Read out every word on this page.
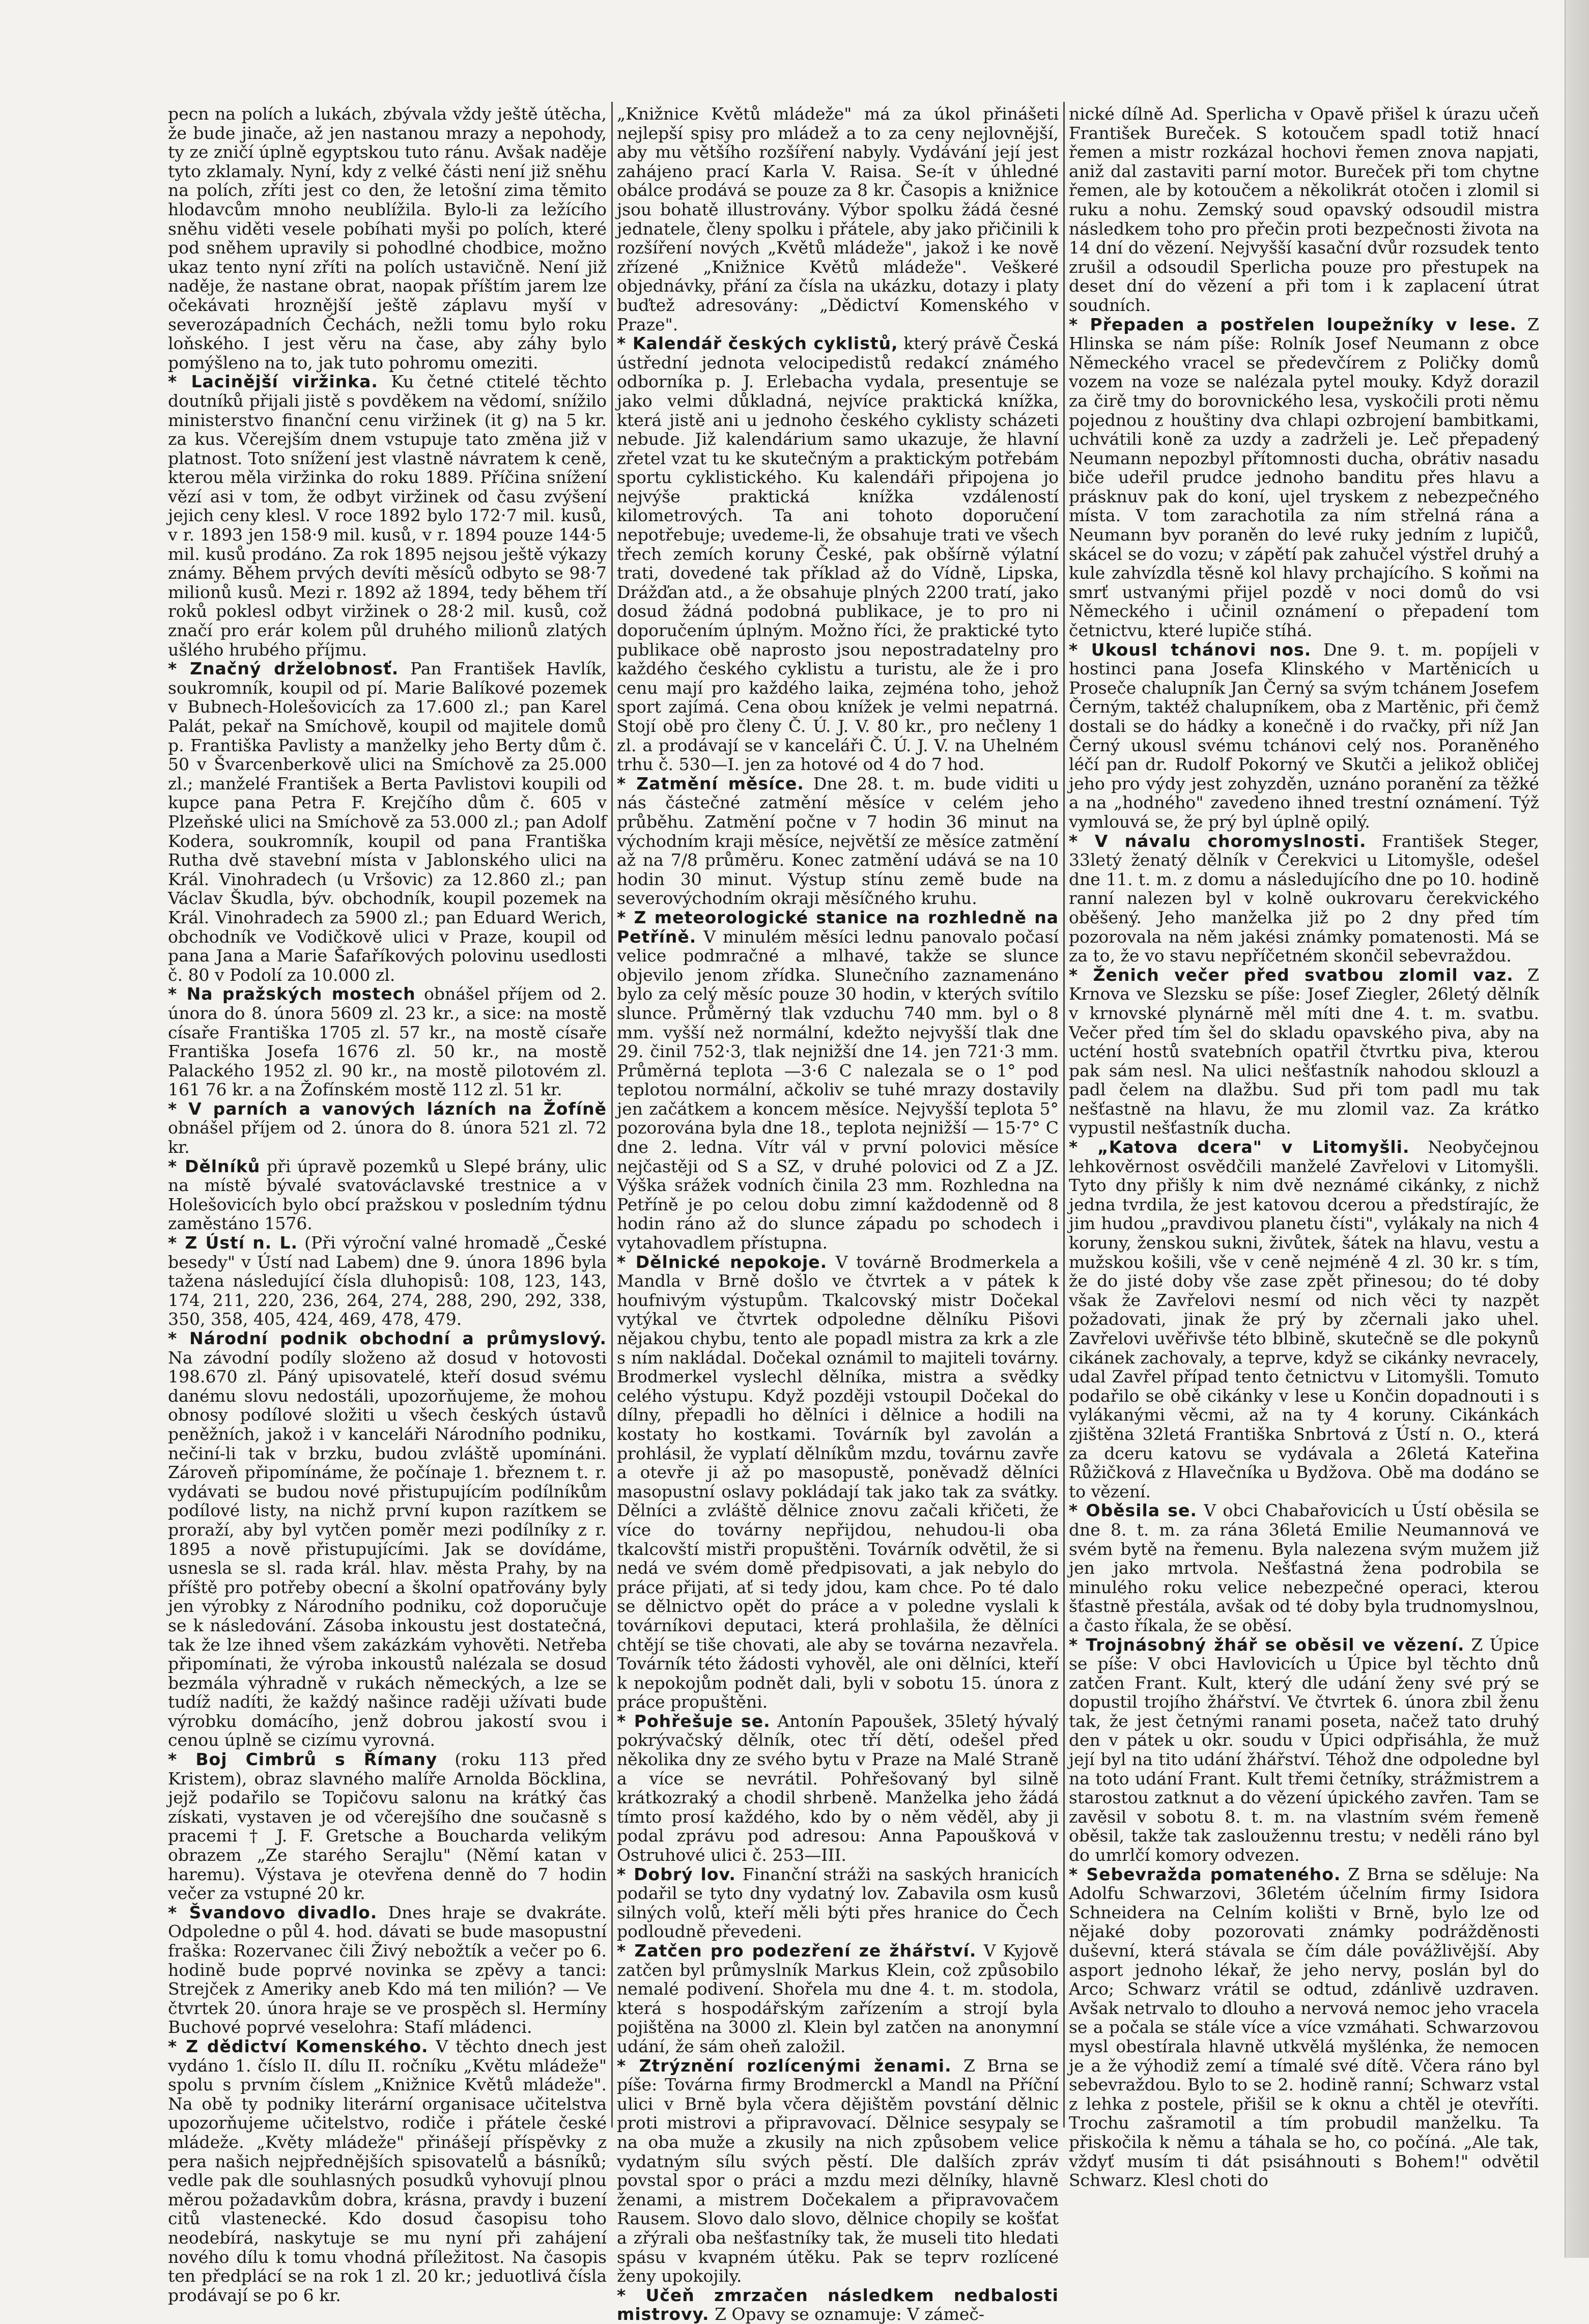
pecn na polích a lukách, zbývala vždy ještě útěcha, že bude jinače, až jen nastanou mrazy a nepohody, ty ze zničí úplně egyptskou tuto ránu. Avšak naděje tyto zklamaly. Nyní, kdy z velké části není již sněhu na polích, zříti jest co den, že letošní zima těmito hlodavcům mnoho neublížila. Bylo-li za ležícího sněhu viděti vesele pobíhati myši po polích, které pod sněhem upravily si pohodlné chodbice, možno ukaz tento nyní zříti na polích ustavičně. Není již naděje, že nastane obrat, naopak příštím jarem lze očekávati hroznější ještě záplavu myší v severozápadních Čechách, nežli tomu bylo roku loňského. I jest věru na čase, aby záhy bylo pomýšleno na to, jak tuto pohromu omeziti.

* Lacinější viržinka. Ku četné ctitelé těchto doutníků přijali jistě s povděkem na vědomí, snížilo ministerstvo finanční cenu viržinek (it g) na 5 kr. za kus. Včerejším dnem vstupuje tato změna již v platnost. Toto snížení jest vlastně návratem k ceně, kterou měla viržinka do roku 1889. Příčina snížení vězí asi v tom, že odbyt viržinek od času zvýšení jejich ceny klesl. V roce 1892 bylo 172·7 mil. kusů, v r. 1893 jen 158·9 mil. kusů, v r. 1894 pouze 144·5 mil. kusů prodáno. Za rok 1895 nejsou ještě výkazy známy. Během prvých devíti měsíců odbyto se 98·7 milionů kusů. Mezi r. 1892 až 1894, tedy během tří roků poklesl odbyt viržinek o 28·2 mil. kusů, což značí pro erár kolem půl druhého milionů zlatých ušlého hrubého příjmu.

* Značný drželobnosť. Pan František Havlík, soukromník, koupil od pí. Marie Balíkové pozemek v Bubnech-Holešovicích za 17.600 zl.; pan Karel Palát, pekař na Smíchově, koupil od majitele domů p. Františka Pavlisty a manželky jeho Berty dům č. 50 v Švarcenberkově ulici na Smíchově za 25.000 zl.; manželé František a Berta Pavlistovi koupili od kupce pana Petra F. Krejčího dům č. 605 v Plzeňské ulici na Smíchově za 53.000 zl.; pan Adolf Kodera, soukromník, koupil od pana Františka Rutha dvě stavební místa v Jablonského ulici na Král. Vinohradech (u Vršovic) za 12.860 zl.; pan Václav Škudla, býv. obchodník, koupil pozemek na Král. Vinohradech za 5900 zl.; pan Eduard Werich, obchodník ve Vodičkově ulici v Praze, koupil od pana Jana a Marie Šafaříkových polovinu usedlosti č. 80 v Podolí za 10.000 zl.

* Na pražských mostech obnášel příjem od 2. února do 8. února 5609 zl. 23 kr., a sice: na mostě císaře Františka 1705 zl. 57 kr., na mostě císaře Františka Josefa 1676 zl. 50 kr., na mostě Palackého 1952 zl. 90 kr., na mostě pilotovém zl. 161 76 kr. a na Žofínském mostě 112 zl. 51 kr.

* V parních a vanových lázních na Žofíně obnášel příjem od 2. února do 8. února 521 zl. 72 kr.

* Dělníků při úpravě pozemků u Slepé brány, ulic na místě bývalé svatováclavské trestnice a v Holešovicích bylo obcí pražskou v posledním týdnu zaměstáno 1576.

* Z Ústí n. L. (Při výroční valné hromadě „České besedy" v Ústí nad Labem) dne 9. února 1896 byla tažena následující čísla dluhopisů: 108, 123, 143, 174, 211, 220, 236, 264, 274, 288, 290, 292, 338, 350, 358, 405, 424, 469, 478, 479.

* Národní podnik obchodní a průmyslový. Na závodní podíly složeno až dosud v hotovosti 198.670 zl. Páný upisovatelé, kteří dosud svému danému slovu nedostáli, upozorňujeme, že mohou obnosy podílové složiti u všech českých ústavů peněžních, jakož i v kanceláři Národního podniku, nečiní-li tak v brzku, budou zvláště upomínáni. Zároveň připomínáme, že počínaje 1. březnem t. r. vydávati se budou nové přistupujícím podílníkům podílové listy, na nichž první kupon razítkem se proraží, aby byl vytčen poměr mezi podílníky z r. 1895 a nově přistupujícími. Jak se dovídáme, usnesla se sl. rada král. hlav. města Prahy, by na příště pro potřeby obecní a školní opatřovány byly jen výrobky z Národního podniku, což doporučuje se k následování. Zásoba inkoustu jest dostatečná, tak že lze ihned všem zakázkám vyhověti. Netřeba připomínati, že výroba inkoustů nalézala se dosud bezmála výhradně v rukách německých, a lze se tudíž nadíti, že každý našince raději užívati bude výrobku domácího, jenž dobrou jakostí svou i cenou úplně se cizímu vyrovná.

* Boj Cimbrů s Římany (roku 113 před Kristem), obraz slavného malíře Arnolda Böcklina, jejž podařilo se Topičovu salonu na krátký čas získati, vystaven je od včerejšího dne současně s pracemi † J. F. Gretsche a Boucharda velikým obrazem „Ze starého Serajlu" (Němí katan v haremu). Výstava je otevřena denně do 7 hodin večer za vstupné 20 kr.

* Švandovo divadlo. Dnes hraje se dvakráte. Odpoledne o půl 4. hod. dávati se bude masopustní fraška: Rozervanec čili Živý nebožtík a večer po 6. hodině bude poprvé novinka se zpěvy a tanci: Strejček z Ameriky aneb Kdo má ten milión? — Ve čtvrtek 20. února hraje se ve prospěch sl. Hermíny Buchové poprvé veselohra: Stafí mládenci.

* Z dědictví Komenského. V těchto dnech jest vydáno 1. číslo II. dílu II. ročníku „Květu mládeže" spolu s prvním číslem „Knižnice Květů mládeže". Na obě ty podniky literární organisace učitelstva upozorňujeme učitelstvo, rodiče i přátele české mládeže. „Květy mládeže" přinášejí příspěvky z pera našich nejpřednějších spisovatelů a básníků; vedle pak dle souhlasných posudků vyhovují plnou měrou požadavkům dobra, krásna, pravdy i buzení citů vlastenecké. Kdo dosud časopisu toho neodebírá, naskytuje se mu nyní při zahájení nového dílu k tomu vhodná příležitost. Na časopis ten předplácí se na rok 1 zl. 20 kr.; jeduotlivá čísla prodávají se po 6 kr.

„Knižnice Květů mládeže" má za úkol přinášeti nejlepší spisy pro mládež a to za ceny nejlovnější, aby mu většího rozšíření nabyly. Vydávání její jest zahájeno prací Karla V. Raisa. Se-ít v úhledné obálce prodává se pouze za 8 kr. Časopis a knižnice jsou bohatě illustrovány. Výbor spolku žádá česné jednatele, členy spolku i přátele, aby jako přičinili k rozšíření nových „Květů mládeže", jakož i ke nově zřízené „Knižnice Květů mládeže". Veškeré objednávky, přání za čísla na ukázku, dotazy i platy buďtež adresovány: „Dědictví Komenského v Praze".

* Kalendář českých cyklistů, který právě Česká ústřední jednota velocipedistů redakcí známého odborníka p. J. Erlebacha vydala, presentuje se jako velmi důkladná, nejvíce praktická knížka, která jistě ani u jednoho českého cyklisty scházeti nebude. Již kalendárium samo ukazuje, že hlavní zřetel vzat tu ke skutečným a praktickým potřebám sportu cyklistického. Ku kalendáři připojena jo nejvýše praktická knížka vzdáleností kilometrových. Ta ani tohoto doporučení nepotřebuje; uvedeme-li, že obsahuje trati ve všech třech zemích koruny České, pak obšírně výlatní trati, dovedené tak příklad až do Vídně, Lipska, Drážďan atd., a že obsahuje plných 2200 tratí, jako dosud žádná podobná publikace, je to pro ni doporučením úplným. Možno říci, že praktické tyto publikace obě naprosto jsou nepostradatelny pro každého českého cyklistu a turistu, ale že i pro cenu mají pro každého laika, zejména toho, jehož sport zajímá. Cena obou knížek je velmi nepatrná. Stojí obě pro členy Č. Ú. J. V. 80 kr., pro nečleny 1 zl. a prodávají se v kanceláři Č. Ú. J. V. na Uhelném trhu č. 530—I. jen za hotové od 4 do 7 hod.

* Zatmění měsíce. Dne 28. t. m. bude viditi u nás částečné zatmění měsíce v celém jeho průběhu. Zatmění počne v 7 hodin 36 minut na východním kraji měsíce, největší ze měsíce zatmění až na 7/8 průměru. Konec zatmění udává se na 10 hodin 30 minut. Výstup stínu země bude na severovýchodním okraji měsíčného kruhu.

* Z meteorologické stanice na rozhledně na Petříně. V minulém měsíci lednu panovalo počasí velice podmračné a mlhavé, takže se slunce objevilo jenom zřídka. Slunečního zaznamenáno bylo za celý měsíc pouze 30 hodin, v kterých svítilo slunce. Průměrný tlak vzduchu 740 mm. byl o 8 mm. vyšší než normální, kdežto nejvyšší tlak dne 29. činil 752·3, tlak nejnižší dne 14. jen 721·3 mm. Průměrná teplota —3·6 C nalezala se o 1° pod teplotou normální, ačkoliv se tuhé mrazy dostavily jen začátkem a koncem měsíce. Nejvyšší teplota 5° pozorována byla dne 18., teplota nejnižší — 15·7° C dne 2. ledna. Vítr vál v první polovici měsíce nejčastěji od S a SZ, v druhé polovici od Z a JZ. Výška srážek vodních činila 23 mm. Rozhledna na Petříně je po celou dobu zimní každodenně od 8 hodin ráno až do slunce západu po schodech i vytahovadlem přístupna.

* Dělnické nepokoje. V továrně Brodmerkela a Mandla v Brně došlo ve čtvrtek a v pátek k houfnivým výstupům. Tkalcovský mistr Dočekal vytýkal ve čtvrtek odpoledne dělníku Pišovi nějakou chybu, tento ale popadl mistra za krk a zle s ním nakládal. Dočekal oznámil to majiteli továrny. Brodmerkel vyslechl dělníka, mistra a svědky celého výstupu. Když později vstoupil Dočekal do dílny, přepadli ho dělníci i dělnice a hodili na kostaty ho kostkami. Továrník byl zavolán a prohlásil, že vyplatí dělníkům mzdu, továrnu zavře a otevře ji až po masopustě, poněvadž dělníci masopustní oslavy pokládají tak jako tak za svátky. Dělníci a zvláště dělnice znovu začali křičeti, že více do továrny nepřijdou, nehudou-li oba tkalcovští mistři propuštěni. Továrník odvětil, že si nedá ve svém domě předpisovati, a jak nebylo do práce přijati, ať si tedy jdou, kam chce. Po té dalo se dělnictvo opět do práce a v poledne vyslali k továrníkovi deputaci, která prohlašila, že dělníci chtějí se tiše chovati, ale aby se továrna nezavřela. Továrník této žádosti vyhověl, ale oni dělníci, kteří k nepokojům podnět dali, byli v sobotu 15. února z práce propuštěni.

* Pohřešuje se. Antonín Papoušek, 35letý hývalý pokrývačský dělník, otec tří dětí, odešel před několika dny ze svého bytu v Praze na Malé Straně a více se nevrátil. Pohřešovaný byl silně krátkozraký a chodil shrbeně. Manželka jeho žádá tímto prosí každého, kdo by o něm věděl, aby ji podal zprávu pod adresou: Anna Papoušková v Ostruhové ulici č. 253—III.

* Dobrý lov. Finanční stráži na saských hranicích podařil se tyto dny vydatný lov. Zabavila osm kusů silných volů, kteří měli býti přes hranice do Čech podloudně převedeni.

* Zatčen pro podezření ze žhářství. V Kyjově zatčen byl průmyslník Markus Klein, což způsobilo nemalé podivení. Shořela mu dne 4. t. m. stodola, která s hospodářským zařízením a strojí byla pojištěna na 3000 zl. Klein byl zatčen na anonymní udání, že sám oheň založil.

* Ztrýznění rozlícenými ženami. Z Brna se píše: Továrna firmy Brodmerckl a Mandl na Příční ulici v Brně byla včera dějištěm povstání dělnic proti mistrovi a připravovací. Dělnice sesypaly se na oba muže a zkusily na nich způsobem velice vydatným sílu svých pěstí. Dle dalších zpráv povstal spor o práci a mzdu mezi dělníky, hlavně ženami, a mistrem Dočekalem a připravovačem Rausem. Slovo dalo slovo, dělnice chopily se košťat a zřýrali oba nešťastníky tak, že museli tito hledati spásu v kvapném útěku. Pak se teprv rozlícené ženy upokojily.

* Učeň zmrzačen následkem nedbalosti mistrovy. Z Opavy se oznamuje: V zámeč-

nické dílně Ad. Sperlicha v Opavě přišel k úrazu učeň František Bureček. S kotoučem spadl totiž hnací řemen a mistr rozkázal hochovi řemen znova napjati, aniž dal zastaviti parní motor. Bureček při tom chytne řemen, ale by kotoučem a několikrát otočen i zlomil si ruku a nohu. Zemský soud opavský odsoudil mistra následkem toho pro přečin proti bezpečnosti života na 14 dní do vězení. Nejvyšší kasační dvůr rozsudek tento zrušil a odsoudil Sperlicha pouze pro přestupek na deset dní do vězení a při tom i k zaplacení útrat soudních.

* Přepaden a postřelen loupežníky v lese. Z Hlinska se nám píše: Rolník Josef Neumann z obce Německého vracel se předevčírem z Poličky domů vozem na voze se nalézala pytel mouky. Když dorazil za čirě tmy do borovnického lesa, vyskočili proti němu pojednou z houštiny dva chlapi ozbrojení bambitkami, uchvátili koně za uzdy a zadrželi je. Leč přepadený Neumann nepozbyl přítomnosti ducha, obrátiv nasadu biče udeřil prudce jednoho banditu přes hlavu a prásknuv pak do koní, ujel tryskem z nebezpečného místa. V tom zarachotila za ním střelná rána a Neumann byv poraněn do levé ruky jedním z lupičů, skácel se do vozu; v zápětí pak zahučel výstřel druhý a kule zahvízdla těsně kol hlavy prchajícího. S koňmi na smrť ustvanými přijel pozdě v noci domů do vsi Německého i učinil oznámení o přepadení tom četnictvu, které lupiče stíhá.

* Ukousl tchánovi nos. Dne 9. t. m. popíjeli v hostinci pana Josefa Klinského v Martěnicích u Proseče chalupník Jan Černý sa svým tchánem Josefem Černým, taktéž chalupníkem, oba z Martěnic, při čemž dostali se do hádky a konečně i do rvačky, při níž Jan Černý ukousl svému tchánovi celý nos. Poraněného léčí pan dr. Rudolf Pokorný ve Skutči a jelikož obličej jeho pro výdy jest zohyzděn, uznáno poranění za těžké a na „hodného" zavedeno ihned trestní oznámení. Týž vymlouvá se, že prý byl úplně opilý.

* V návalu choromyslnosti. František Steger, 33letý ženatý dělník v Čerekvici u Litomyšle, odešel dne 11. t. m. z domu a následujícího dne po 10. hodině ranní nalezen byl v kolně oukrovaru čerekvického oběšený. Jeho manželka již po 2 dny před tím pozorovala na něm jakési známky pomatenosti. Má se za to, že vo stavu nepříčetném skončil sebevraždou.

* Ženich večer před svatbou zlomil vaz. Z Krnova ve Slezsku se píše: Josef Ziegler, 26letý dělník v krnovské plynárně měl míti dne 4. t. m. svatbu. Večer před tím šel do skladu opavského piva, aby na ucténí hostů svatebních opatřil čtvrtku piva, kterou pak sám nesl. Na ulici nešťastník nahodou sklouzl a padl čelem na dlažbu. Sud při tom padl mu tak nešťastně na hlavu, že mu zlomil vaz. Za krátko vypustil nešťastník ducha.

* „Katova dcera" v Litomyšli. Neobyčejnou lehkověrnost osvědčili manželé Zavřelovi v Litomyšli. Tyto dny přišly k nim dvě neznámé cikánky, z nichž jedna tvrdila, že jest katovou dcerou a předstírajíc, že jim hudou „pravdivou planetu čísti", vylákaly na nich 4 koruny, ženskou sukni, živůtek, šátek na hlavu, vestu a mužskou košili, vše v ceně nejméně 4 zl. 30 kr. s tím, že do jisté doby vše zase zpět přinesou; do té doby však že Zavřelovi nesmí od nich věci ty nazpět požadovati, jinak že prý by zčernali jako uhel. Zavřelovi uvěřivše této blbině, skutečně se dle pokynů cikánek zachovaly, a teprve, když se cikánky nevracely, udal Zavřel případ tento četnictvu v Litomyšli. Tomuto podařilo se obě cikánky v lese u Končin dopadnouti i s vylákanými věcmi, až na ty 4 koruny. Cikánkách zjištěna 32letá Františka Snbrtová z Ústí n. O., která za dceru katovu se vydávala a 26letá Kateřina Růžičková z Hlavečníka u Bydžova. Obě ma dodáno se to vězení.

* Oběsila se. V obci Chabařovicích u Ústí oběsila se dne 8. t. m. za rána 36letá Emilie Neumannová ve svém bytě na řemenu. Byla nalezena svým mužem již jen jako mrtvola. Nešťastná žena podrobila se minulého roku velice nebezpečné operaci, kterou šťastně přestála, avšak od té doby byla trudnomyslnou, a často říkala, že se oběsí.

* Trojnásobný žhář se oběsil ve vězení. Z Úpice se píše: V obci Havlovicích u Úpice byl těchto dnů zatčen Frant. Kult, který dle udání ženy své prý se dopustil trojího žhářství. Ve čtvrtek 6. února zbil ženu tak, že jest četnými ranami poseta, načež tato druhý den v pátek u okr. soudu v Úpici odpřisáhla, že muž její byl na tito udání žhářství. Téhož dne odpoledne byl na toto udání Frant. Kult třemi četníky, strážmistrem a starostou zatknut a do vězení úpického zavřen. Tam se zavěsil v sobotu 8. t. m. na vlastním svém řemeně oběsil, takže tak zasloužennu trestu; v neděli ráno byl do umrlčí komory odvezen.

* Sebevražda pomateného. Z Brna se sděluje: Na Adolfu Schwarzovi, 36letém účelním firmy Isidora Schneidera na Celním kolišti v Brně, bylo lze od nějaké doby pozorovati známky podrážděnosti duševní, která stávala se čím dále povážlivější. Aby asport jednoho lékař, že jeho nervy, poslán byl do Arco; Schwarz vrátil se odtud, zdánlivě uzdraven. Avšak netrvalo to dlouho a nervová nemoc jeho vracela se a počala se stále více a více vzmáhati. Schwarzovou mysl obestírala hlavně utkvělá myšlénka, že nemocen je a že výhodiž zemí a tímalé své dítě. Včera ráno byl sebevraždou. Bylo to se 2. hodině ranní; Schwarz vstal z lehka z postele, přišil se k oknu a chtěl je otevříti. Trochu zašramotil a tím probudil manželku. Ta přiskočila k němu a táhala se ho, co počíná. „Ale tak, vždyť musím ti dát psisáhnouti s Bohem!" odvětil Schwarz. Klesl choti do
